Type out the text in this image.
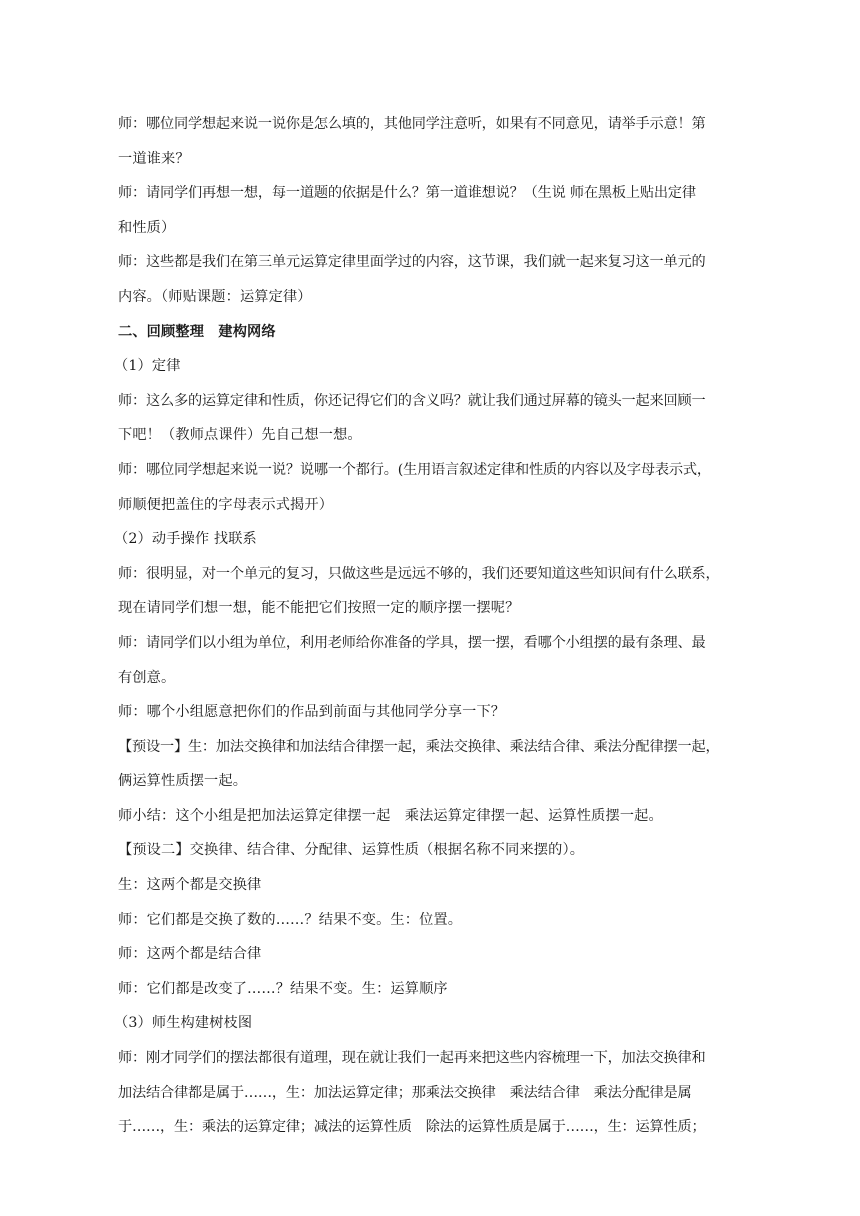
师：哪位同学想起来说一说你是怎么填的，其他同学注意听，如果有不同意见，请举手示意！第
一道谁来？
师：请同学们再想一想，每一道题的依据是什么？第一道谁想说？（生说 师在黑板上贴出定律
和性质）
师：这些都是我们在第三单元运算定律里面学过的内容，这节课，我们就一起来复习这一单元的
内容。（师贴课题：运算定律）
二、回顾整理　建构网络
（1）定律
师：这么多的运算定律和性质，你还记得它们的含义吗？就让我们通过屏幕的镜头一起来回顾一
下吧！（教师点课件）先自己想一想。
师：哪位同学想起来说一说？说哪一个都行。(生用语言叙述定律和性质的内容以及字母表示式，
师顺便把盖住的字母表示式揭开）
（2）动手操作 找联系
师：很明显，对一个单元的复习，只做这些是远远不够的，我们还要知道这些知识间有什么联系，
现在请同学们想一想，能不能把它们按照一定的顺序摆一摆呢？
师：请同学们以小组为单位，利用老师给你准备的学具，摆一摆，看哪个小组摆的最有条理、最
有创意。
师：哪个小组愿意把你们的作品到前面与其他同学分享一下？
【预设一】生：加法交换律和加法结合律摆一起，乘法交换律、乘法结合律、乘法分配律摆一起，
俩运算性质摆一起。
师小结：这个小组是把加法运算定律摆一起　乘法运算定律摆一起、运算性质摆一起。
【预设二】交换律、结合律、分配律、运算性质（根据名称不同来摆的）。
生：这两个都是交换律
师：它们都是交换了数的……？结果不变。生：位置。
师：这两个都是结合律
师：它们都是改变了……？结果不变。生：运算顺序
（3）师生构建树枝图
师：刚才同学们的摆法都很有道理，现在就让我们一起再来把这些内容梳理一下，加法交换律和
加法结合律都是属于……，生：加法运算定律；那乘法交换律　乘法结合律　乘法分配律是属
于……，生：乘法的运算定律；减法的运算性质　除法的运算性质是属于……，生：运算性质；
